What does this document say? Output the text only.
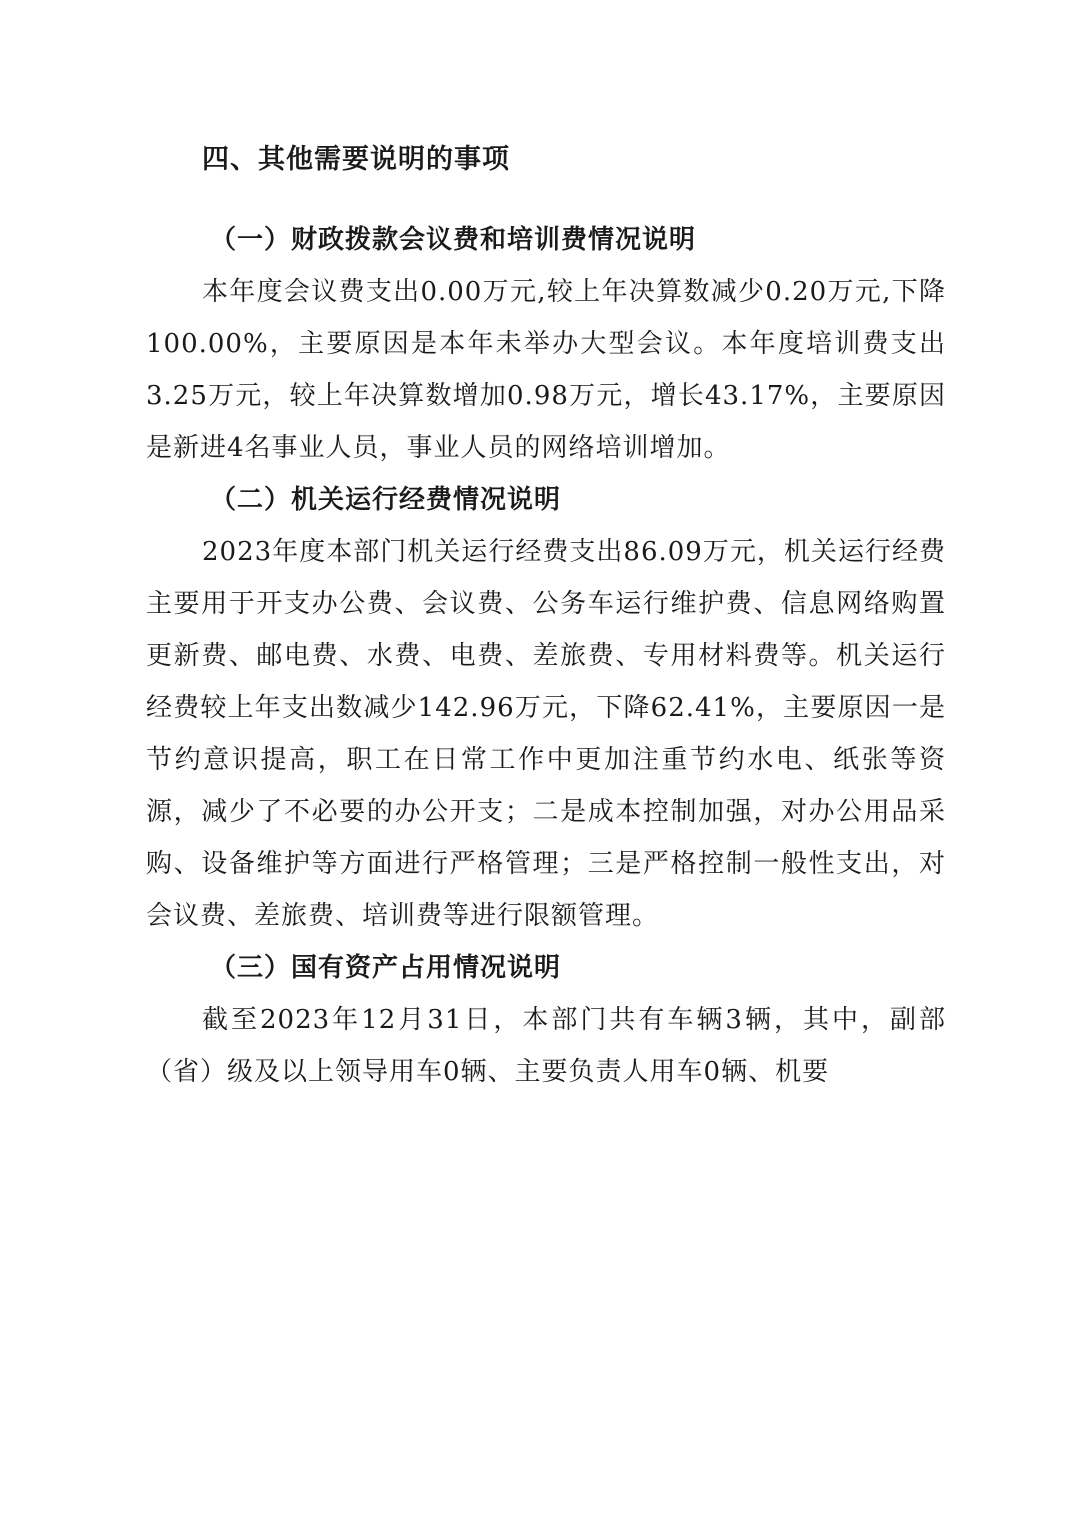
四、其他需要说明的事项
（一）财政拨款会议费和培训费情况说明

本年度会议费支出0.00万元,较上年决算数减少0.20万元,下降100.00%，主要原因是本年未举办大型会议。本年度培训费支出3.25万元，较上年决算数增加0.98万元，增长43.17%，主要原因是新进4名事业人员，事业人员的网络培训增加。

（二）机关运行经费情况说明

2023年度本部门机关运行经费支出86.09万元，机关运行经费主要用于开支办公费、会议费、公务车运行维护费、信息网络购置更新费、邮电费、水费、电费、差旅费、专用材料费等。机关运行经费较上年支出数减少142.96万元，下降62.41%，主要原因一是节约意识提高，职工在日常工作中更加注重节约水电、纸张等资源，减少了不必要的办公开支；二是成本控制加强，对办公用品采购、设备维护等方面进行严格管理；三是严格控制一般性支出，对会议费、差旅费、培训费等进行限额管理。

（三）国有资产占用情况说明

截至2023年12月31日，本部门共有车辆3辆，其中，副部（省）级及以上领导用车0辆、主要负责人用车0辆、机要
